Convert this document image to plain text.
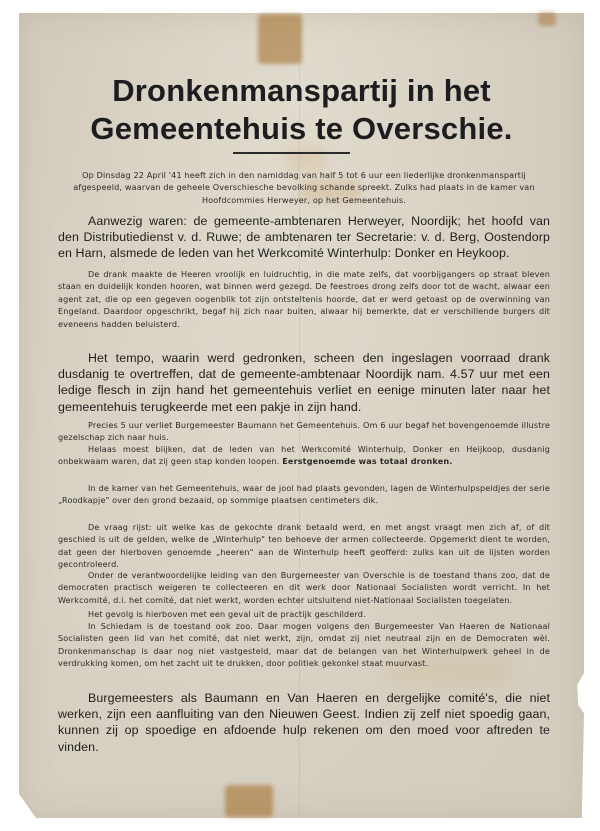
Dronkenmanspartij in het
Gemeentehuis te Overschie.
Op Dinsdag 22 April '41 heeft zich in den namiddag van half 5 tot 6 uur een liederlijke dronkenmanspartij afgespeeld, waarvan de geheele Overschiesche bevolking schande spreekt. Zulks had plaats in de kamer van Hoofdcommies Herweyer, op het Gemeentehuis.
Aanwezig waren: de gemeente-ambtenaren Herweyer, Noordijk; het hoofd van den Distributiedienst v. d. Ruwe; de ambtenaren ter Secretarie: v. d. Berg, Oostendorp en Harn, alsmede de leden van het Werkcomité Winterhulp: Donker en Heykoop.
De drank maakte de Heeren vroolijk en luidruchtig, in die mate zelfs, dat voorbijgangers op straat bleven staan en duidelijk konden hooren, wat binnen werd gezegd. De feestroes drong zelfs door tot de wacht, alwaar een agent zat, die op een gegeven oogenblik tot zijn ontsteltenis hoorde, dat er werd getoast op de overwinning van Engeland. Daardoor opgeschrikt, begaf hij zich naar buiten, alwaar hij bemerkte, dat er verschillende burgers dit eveneens hadden beluisterd.
Het tempo, waarin werd gedronken, scheen den ingeslagen voorraad drank dusdanig te overtreffen, dat de gemeente-ambtenaar Noordijk nam. 4.57 uur met een ledige flesch in zijn hand het gemeentehuis verliet en eenige minuten later naar het gemeentehuis terugkeerde met een pakje in zijn hand.
Precies 5 uur verliet Burgemeester Baumann het Gemeentehuis. Om 6 uur begaf het bovengenoemde illustre gezelschap zich naar huis.
Helaas moest blijken, dat de leden van het Werkcomité Winterhulp, Donker en Heijkoop, dusdanig onbekwaam waren, dat zij geen stap konden loopen. Eerstgenoemde was totaal dronken.
In de kamer van het Gemeentehuis, waar de jool had plaats gevonden, lagen de Winterhulpspeldjes der serie „Roodkapje" over den grond bezaaid, op sommige plaatsen centimeters dik.
De vraag rijst: uit welke kas de gekochte drank betaald werd, en met angst vraagt men zich af, of dit geschied is uit de gelden, welke de „Winterhulp" ten behoeve der armen collecteerde. Opgemerkt dient te worden, dat geen der hierboven genoemde „heeren" aan de Winterhulp heeft geofferd: zulks kan uit de lijsten worden gecontroleerd.
Onder de verantwoordelijke leiding van den Burgemeester van Overschie is de toestand thans zoo, dat de democraten practisch weigeren te collecteeren en dit werk door Nationaal Socialisten wordt verricht. In het Werkcomité, d.i. het comité, dat niet werkt, worden echter uitsluitend niet-Nationaal Socialisten toegelaten.
Het gevolg is hierboven met een geval uit de practijk geschilderd.
In Schiedam is de toestand ook zoo. Daar mogen volgens den Burgemeester Van Haeren de Nationaal Socialisten geen lid van het comité, dat niet werkt, zijn, omdat zij niet neutraal zijn en de Democraten wèl. Dronkenmanschap is daar nog niet vastgesteld, maar dat de belangen van het Winterhulpwerk geheel in de verdrukking komen, om het zacht uit te drukken, door politiek gekonkel staat muurvast.
Burgemeesters als Baumann en Van Haeren en dergelijke comité's, die niet werken, zijn een aanfluiting van den Nieuwen Geest. Indien zij zelf niet spoedig gaan, kunnen zij op spoedige en afdoende hulp rekenen om den moed voor aftreden te vinden.
